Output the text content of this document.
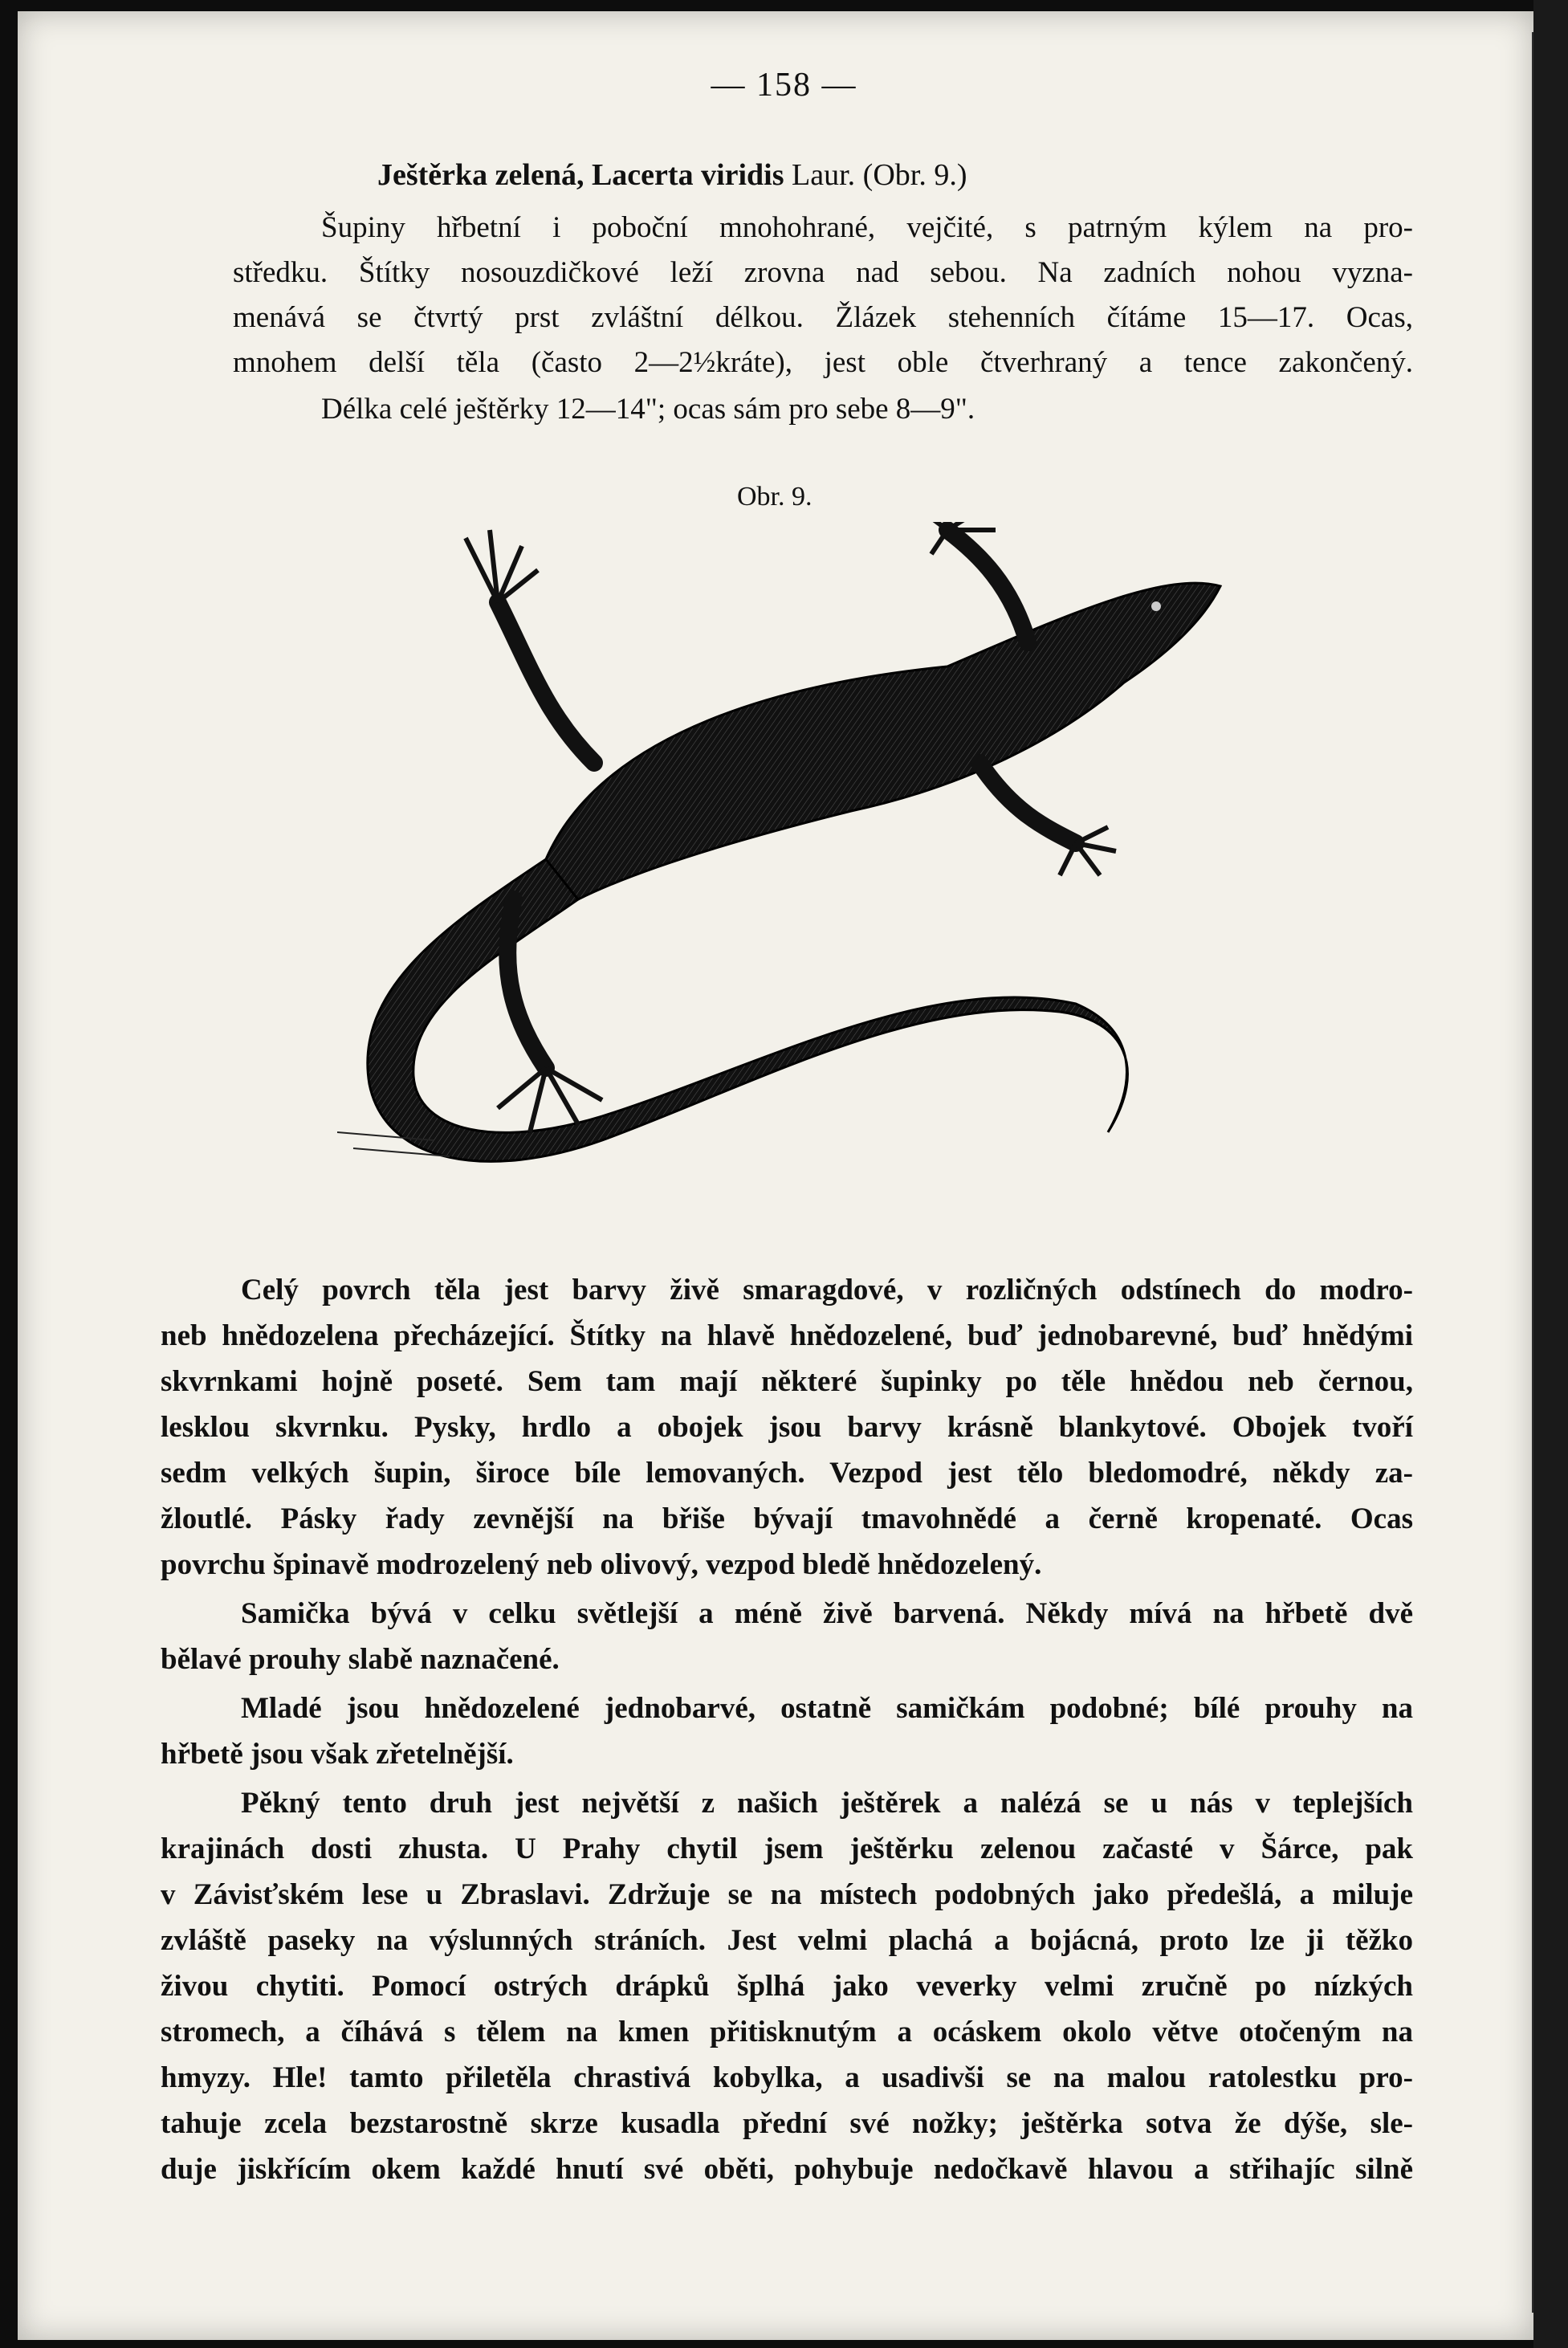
— 158 —
Ještěrka zelená, Lacerta viridis Laur. (Obr. 9.)
Šupiny hřbetní i poboční mnohohrané, vejčité, s patrným kýlem na pro-
středku. Štítky nosouzdičkové leží zrovna nad sebou. Na zadních nohou vyzna-
menává se čtvrtý prst zvláštní délkou. Žlázek stehenních čítáme 15—17. Ocas,
mnohem delší těla (často 2—2½kráte), jest oble čtverhraný a tence zakončený.
Délka celé ještěrky 12—14"; ocas sám pro sebe 8—9".
Obr. 9.
Celý povrch těla jest barvy živě smaragdové, v rozličných odstínech do modro-
neb hnědozelena přecházející. Štítky na hlavě hnědozelené, buď jednobarevné, buď hnědými
skvrnkami hojně poseté. Sem tam mají některé šupinky po těle hnědou neb černou,
lesklou skvrnku. Pysky, hrdlo a obojek jsou barvy krásně blankytové. Obojek tvoří
sedm velkých šupin, široce bíle lemovaných. Vezpod jest tělo bledomodré, někdy za-
žloutlé. Pásky řady zevnější na břiše bývají tmavohnědé a černě kropenaté. Ocas
povrchu špinavě modrozelený neb olivový, vezpod bledě hnědozelený.
Samička bývá v celku světlejší a méně živě barvená. Někdy mívá na hřbetě dvě
bělavé prouhy slabě naznačené.
Mladé jsou hnědozelené jednobarvé, ostatně samičkám podobné; bílé prouhy na
hřbetě jsou však zřetelnější.
Pěkný tento druh jest největší z našich ještěrek a nalézá se u nás v teplejších
krajinách dosti zhusta. U Prahy chytil jsem ještěrku zelenou začasté v Šárce, pak
v Závisťském lese u Zbraslavi. Zdržuje se na místech podobných jako předešlá, a miluje
zvláště paseky na výslunných stráních. Jest velmi plachá a bojácná, proto lze ji těžko
živou chytiti. Pomocí ostrých drápků šplhá jako veverky velmi zručně po nízkých
stromech, a číhává s tělem na kmen přitisknutým a ocáskem okolo větve otočeným na
hmyzy. Hle! tamto přiletěla chrastivá kobylka, a usadivši se na malou ratolestku pro-
tahuje zcela bezstarostně skrze kusadla přední své nožky; ještěrka sotva že dýše, sle-
duje jiskřícím okem každé hnutí své oběti, pohybuje nedočkavě hlavou a střihajíc silně
